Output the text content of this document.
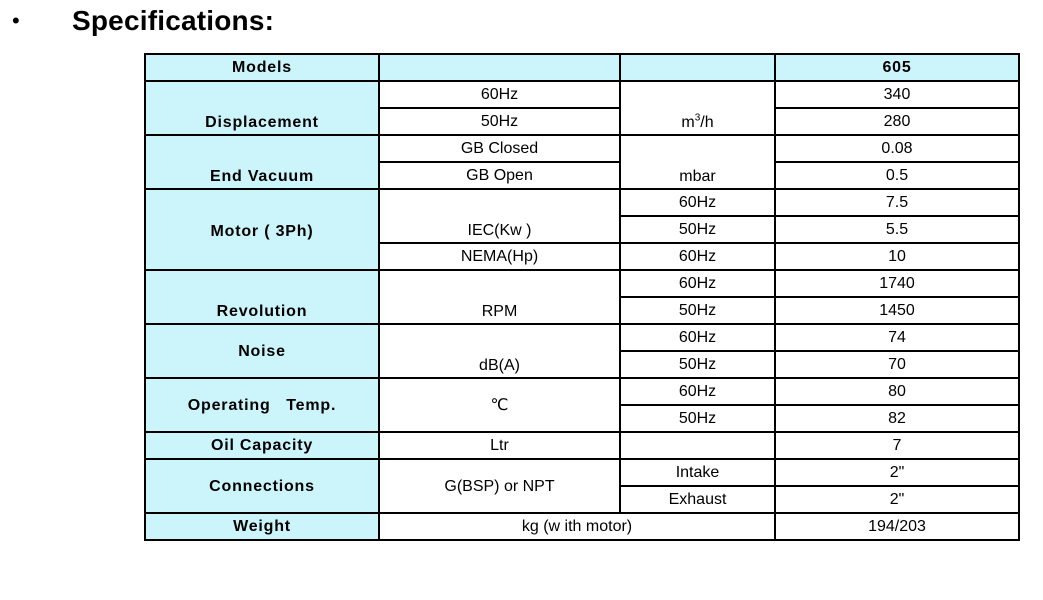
• Specifications:
Models			605
Displacement	60Hz	$m^3/h$	340
	50Hz		280
End Vacuum	GB Closed	mbar	0.08
	GB Open		0.5
Motor ( 3Ph)	IEC(Kw )	60Hz	7.5
		50Hz	5.5
	NEMA(Hp)	60Hz	10
Revolution	RPM	60Hz	1740
		50Hz	1450
Noise	dB(A)	60Hz	74
		50Hz	70
Operating   Temp.	℃	60Hz	80
		50Hz	82
Oil Capacity	Ltr		7
Connections	G(BSP) or NPT	Intake	2"
		Exhaust	2"
Weight	kg (w ith motor)		194/203
